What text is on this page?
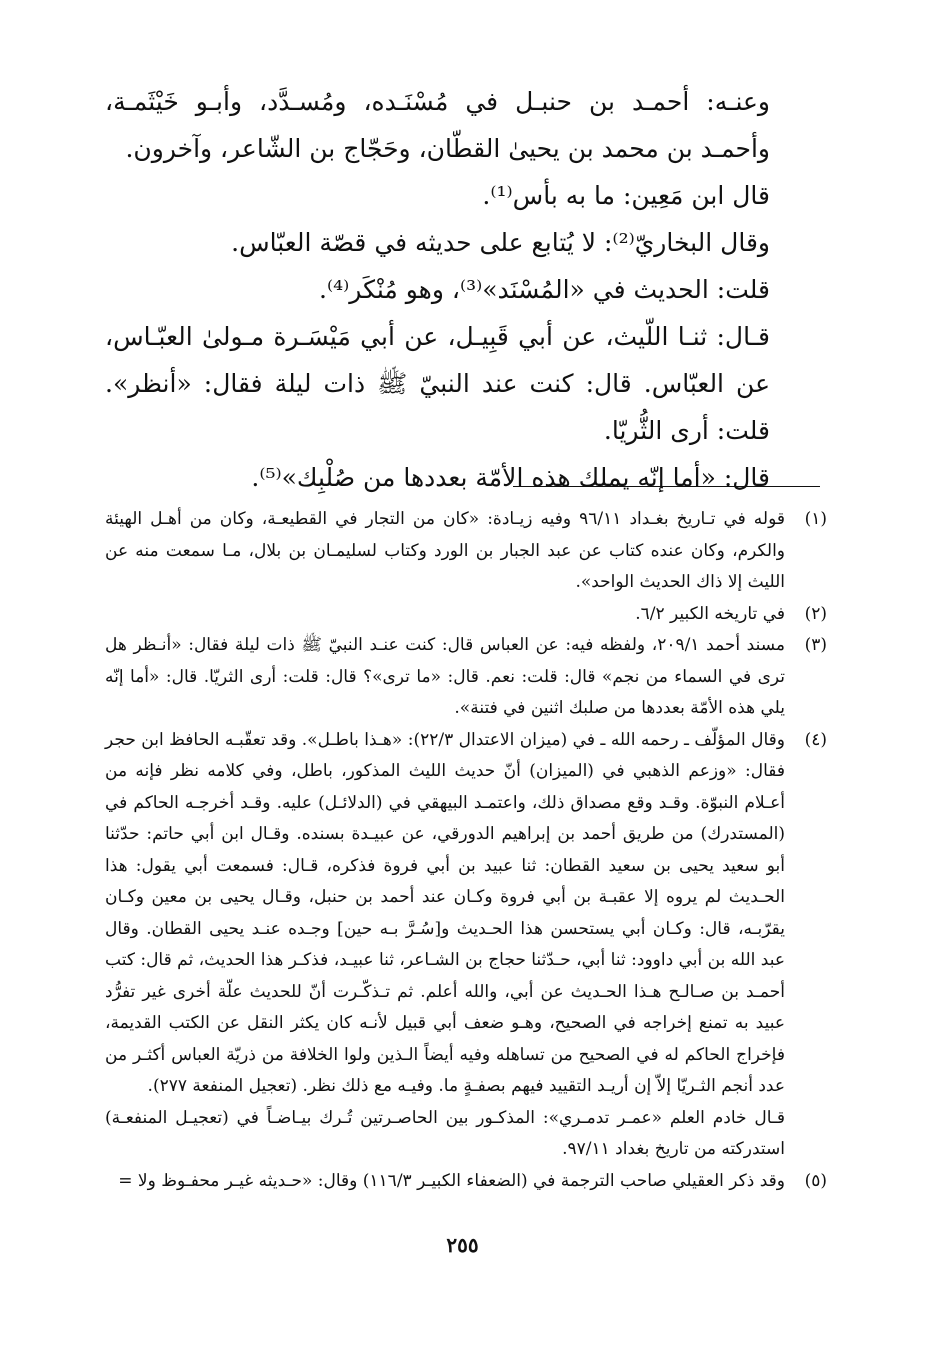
وعنـه: أحمـد بن حنبـل في مُسْنَـده، ومُسـدَّد، وأبـو خَيْثَمـة، وأحمـد بن محمد بن يحيىٰ القطّان، وحَجّاج بن الشّاعر، وآخرون.

قال ابن مَعِين: ما به بأس⁽¹⁾.

وقال البخاريّ⁽²⁾: لا يُتابع على حديثه في قصّة العبّاس.

قلت: الحديث في «المُسْنَد»⁽³⁾، وهو مُنْكَر⁽⁴⁾.

قـال: ثنـا اللّيث، عن أبي قَبِيـل، عن أبي مَيْسَـرة مـولىٰ العبّـاس، عن العبّاس. قال: كنت عند النبيّ ﷺ ذات ليلة فقال: «أنظر». قلت: أرى الثُّريّا.

قال: «أما إنّه يملك هذه الأمّة بعددها من صُلْبِك»⁽⁵⁾.

(١)
قوله في تـاريخ بغـداد ٩٦/١١ وفيه زيـادة: «كان من التجار في القطيعـة، وكان من أهـل الهيئة والكرم، وكان عنده كتاب عن عبد الجبار بن الورد وكتاب لسليمـان بن بلال، مـا سمعت منه عن الليث إلا ذاك الحديث الواحد».
(٢)
في تاريخه الكبير ٦/٢.
(٣)
مسند أحمد ٢٠٩/١، ولفظه فيه: عن العباس قال: كنت عنـد النبيّ ﷺ ذات ليلة فقال: «أنـظر هل ترى في السماء من نجم» قال: قلت: نعم. قال: «ما ترى»؟ قال: قلت: أرى الثريّا. قال: «أما إنّه يلي هذه الأمّة بعددها من صلبك اثنين في فتنة».
(٤)
وقال المؤلّف ـ رحمه الله ـ في (ميزان الاعتدال ٢٢/٣): «هـذا باطـل». وقد تعقّبـه الحافظ ابن حجر فقال: «وزعم الذهبي في (الميزان) أنّ حديث الليث المذكور، باطل، وفي كلامه نظر فإنه من أعـلام النبوّة. وقـد وقع مصداق ذلك، واعتمـد البيهقي في (الدلائـل) عليه. وقـد أخرجـه الحاكم في (المستدرك) من طريق أحمد بن إبراهيم الدورقي، عن عبيـدة بسنده. وقـال ابن أبي حاتم: حدّثنا أبو سعيد يحيى بن سعيد القطان: ثنا عبيد بن أبي فروة فذكره، قـال: فسمعت أبي يقول: هذا الحـديث لم يروه إلا عقبـة بن أبي فروة وكـان عند أحمد بن حنبل، وقـال يحيى بن معين وكـان يقرّبـه، قال: وكـان أبي يستحسن هذا الحـديث و[سُـرَّ بـه حين] وجـده عنـد يحيى القطان. وقال عبد الله بن أبي داوود: ثنا أبي، حـدّثنا حجاج بن الشـاعر، ثنا عبيـد، فذكـر هذا الحديث، ثم قال: كتب أحمـد بن صـالـح هـذا الحـديث عن أبي، والله أعلم. ثم تـذكّـرت أنّ للحديث علّة أخرى غير تفرُّد عبيد به تمنع إخراجه في الصحيح، وهـو ضعف أبي قبيل لأنـه كان يكثر النقل عن الكتب القديمة، فإخراج الحاكم له في الصحيح من تساهله وفيه أيضاً الـذين ولوا الخلافة من ذريّة العباس أكثـر من عدد أنجم الثـريّا إلاّ إن أريـد التقييد فيهم بصفـةٍ ما. وفيـه مع ذلك نظر. (تعجيل المنفعة ٢٧٧).

قـال خادم العلم «عمـر تدمـري»: المذكـور بين الحاصـرتين تُـرك بيـاضـاً في (تعجيـل المنفعـة) استدركته من تاريخ بغداد ٩٧/١١.

(٥)
وقد ذكر العقيلي صاحب الترجمة في (الضعفاء الكبيـر ١١٦/٣) وقال: «حـديثه غيـر محفـوظ ولا =
٢٥٥
